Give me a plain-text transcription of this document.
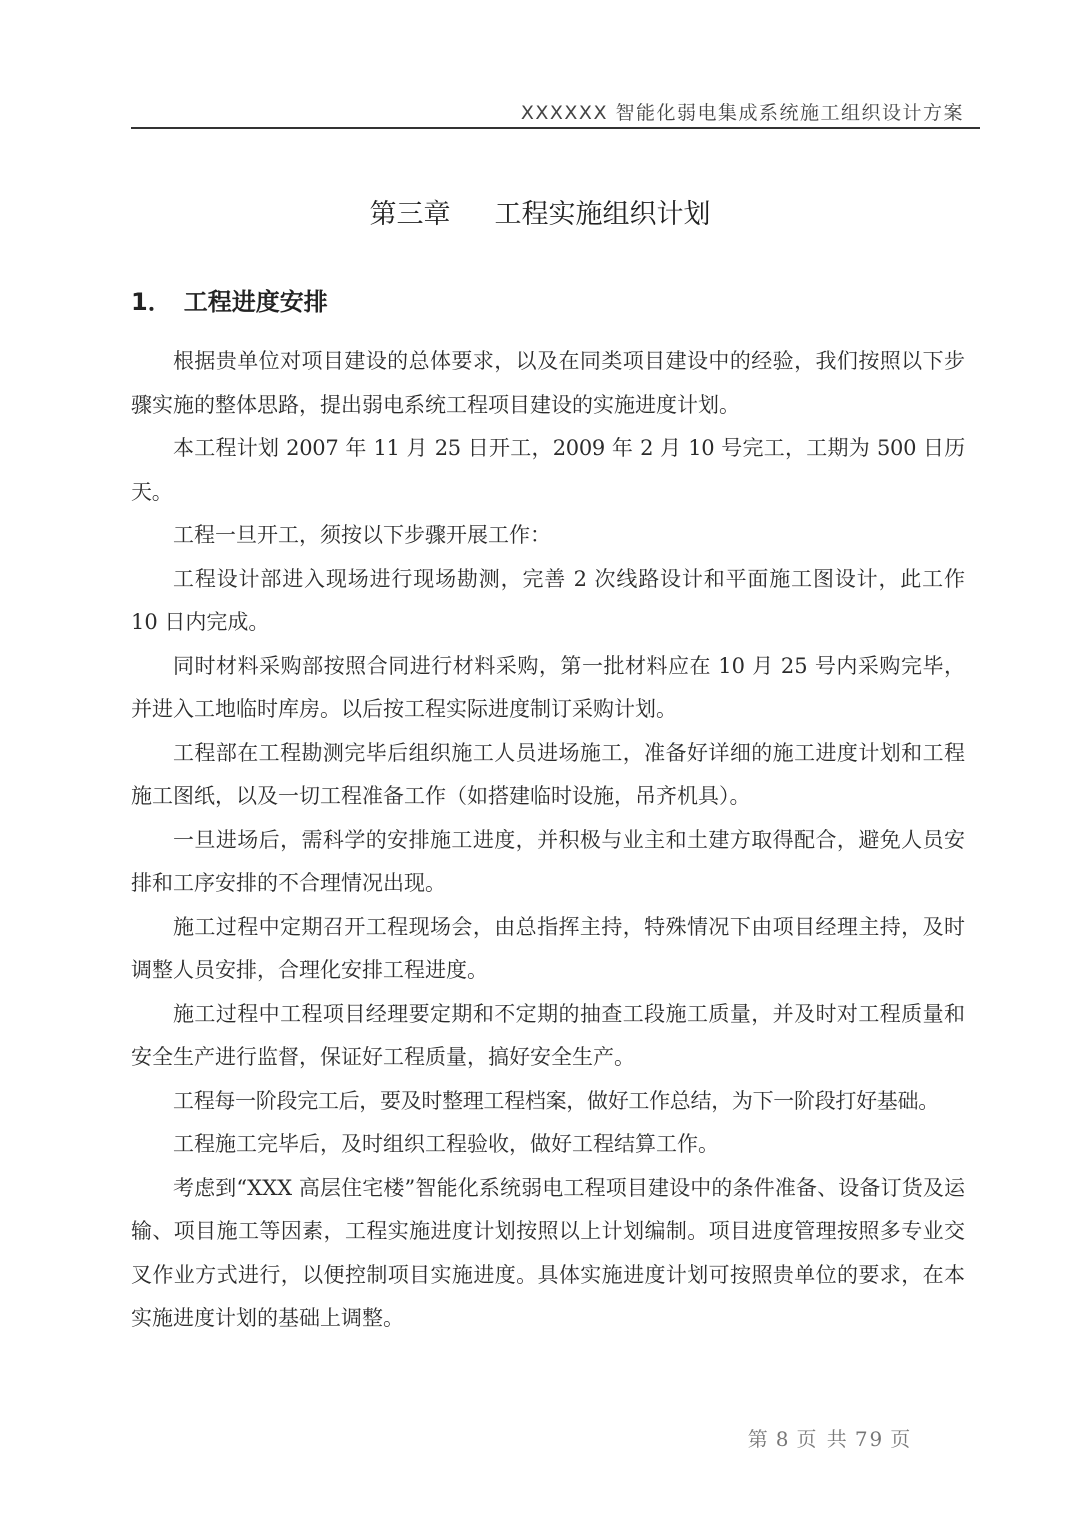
XXXXXX 智能化弱电集成系统施工组织设计方案
第三章 工程实施组织计划
1． 工程进度安排

根据贵单位对项目建设的总体要求，以及在同类项目建设中的经验，我们按照以下步骤实施的整体思路，提出弱电系统工程项目建设的实施进度计划。

本工程计划 2007 年 11 月 25 日开工，2009 年 2 月 10 号完工，工期为 500 日历天。

工程一旦开工，须按以下步骤开展工作：

工程设计部进入现场进行现场勘测，完善 2 次线路设计和平面施工图设计，此工作 10 日内完成。

同时材料采购部按照合同进行材料采购，第一批材料应在 10 月 25 号内采购完毕，并进入工地临时库房。以后按工程实际进度制订采购计划。

工程部在工程勘测完毕后组织施工人员进场施工，准备好详细的施工进度计划和工程施工图纸，以及一切工程准备工作（如搭建临时设施，吊齐机具）。

一旦进场后，需科学的安排施工进度，并积极与业主和土建方取得配合，避免人员安排和工序安排的不合理情况出现。

施工过程中定期召开工程现场会，由总指挥主持，特殊情况下由项目经理主持，及时调整人员安排，合理化安排工程进度。

施工过程中工程项目经理要定期和不定期的抽查工段施工质量，并及时对工程质量和安全生产进行监督，保证好工程质量，搞好安全生产。

工程每一阶段完工后，要及时整理工程档案，做好工作总结，为下一阶段打好基础。

工程施工完毕后，及时组织工程验收，做好工程结算工作。

考虑到“XXX 高层住宅楼”智能化系统弱电工程项目建设中的条件准备、设备订货及运输、项目施工等因素，工程实施进度计划按照以上计划编制。项目进度管理按照多专业交叉作业方式进行，以便控制项目实施进度。具体实施进度计划可按照贵单位的要求，在本实施进度计划的基础上调整。

第 8 页 共 79 页
